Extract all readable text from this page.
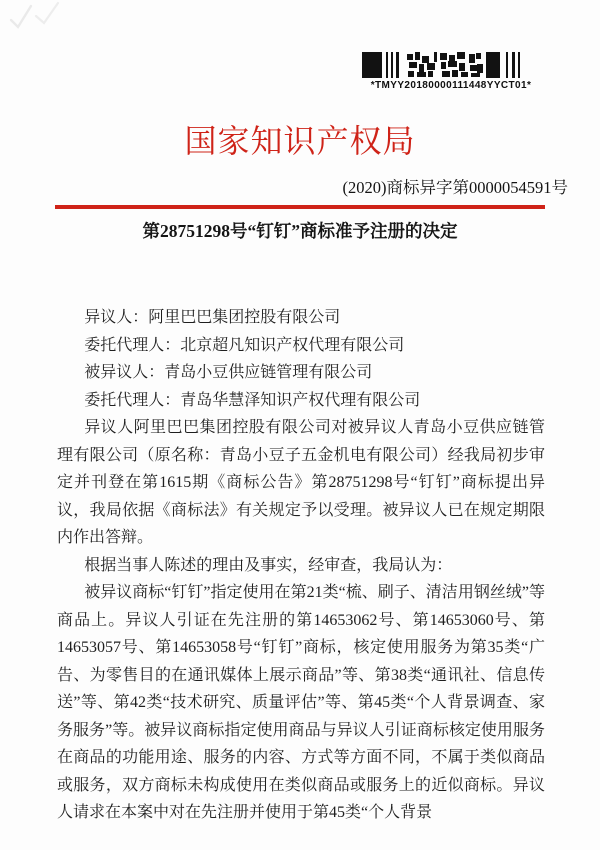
*TMYY20180000111448YYCT01*
国家知识产权局
(2020)商标异字第0000054591号
第28751298号“钉钉”商标准予注册的决定

异议人：阿里巴巴集团控股有限公司

委托代理人：北京超凡知识产权代理有限公司

被异议人：青岛小豆供应链管理有限公司

委托代理人：青岛华慧泽知识产权代理有限公司

异议人阿里巴巴集团控股有限公司对被异议人青岛小豆供应链管理有限公司（原名称：青岛小豆子五金机电有限公司）经我局初步审定并刊登在第1615期《商标公告》第28751298号“钉钉”商标提出异议，我局依据《商标法》有关规定予以受理。被异议人已在规定期限内作出答辩。

根据当事人陈述的理由及事实，经审查，我局认为：

被异议商标“钉钉”指定使用在第21类“梳、刷子、清洁用钢丝绒”等商品上。异议人引证在先注册的第14653062号、第14653060号、第14653057号、第14653058号“钉钉”商标，核定使用服务为第35类“广告、为零售目的在通讯媒体上展示商品”等、第38类“通讯社、信息传送”等、第42类“技术研究、质量评估”等、第45类“个人背景调查、家务服务”等。被异议商标指定使用商品与异议人引证商标核定使用服务在商品的功能用途、服务的内容、方式等方面不同，不属于类似商品或服务，双方商标未构成使用在类似商品或服务上的近似商标。异议人请求在本案中对在先注册并使用于第45类“个人背景
